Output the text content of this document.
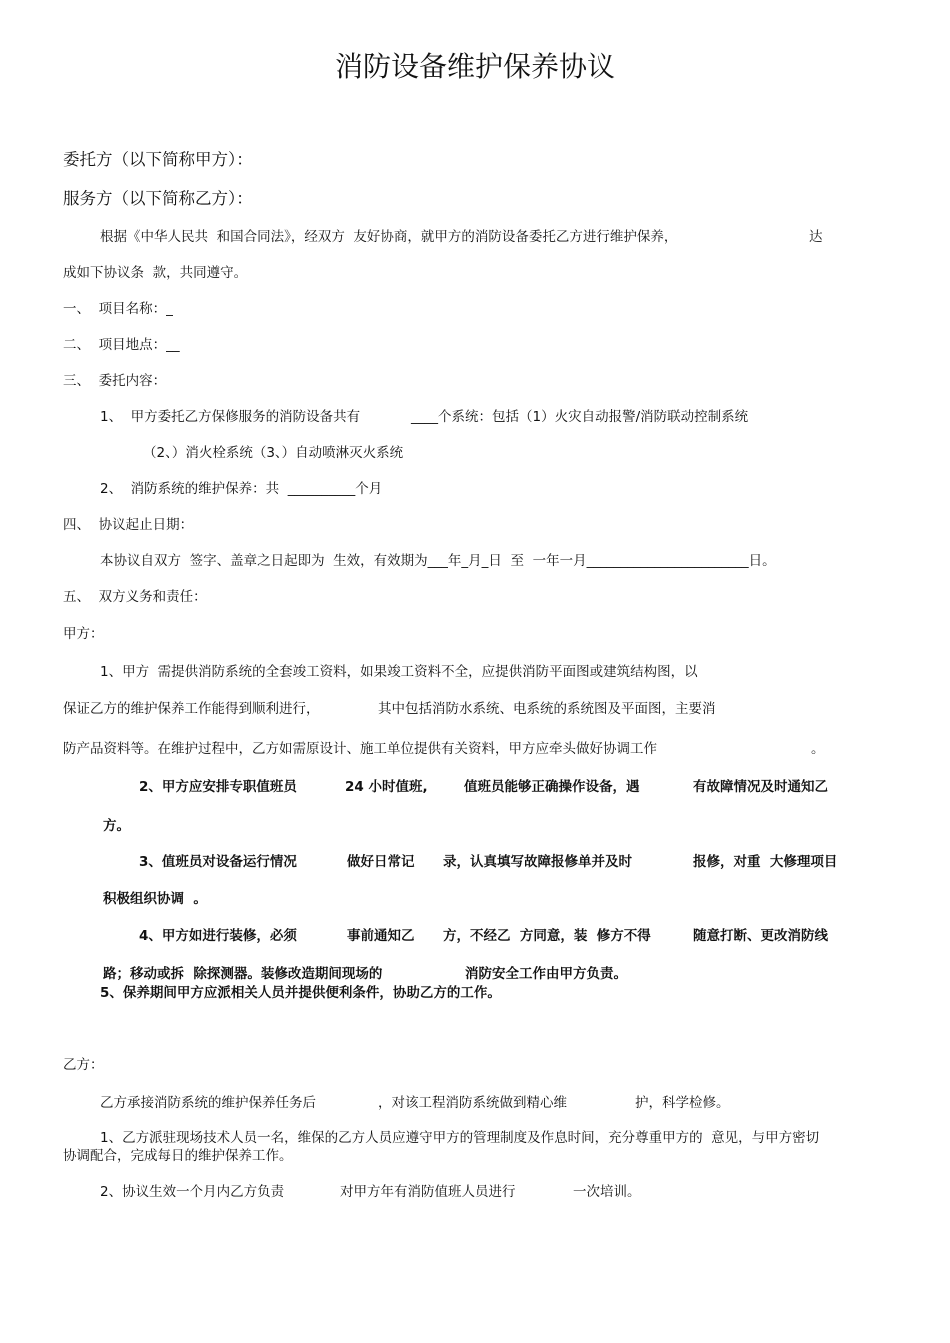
消防设备维护保养协议
委托方（以下简称甲方）：
服务方（以下简称乙方）：
根据《中华人民共  和国合同法》，经双方  友好协商，就甲方的消防设备委托乙方进行维护保养，	达
成如下协议条  款，共同遵守。
一、  项目名称：_
二、  项目地点：__
三、  委托内容：
1、  甲方委托乙方保修服务的消防设备共有	____个系统：包括（1）火灾自动报警/消防联动控制系统
（2、）消火栓系统（3、）自动喷淋灭火系统
2、  消防系统的维护保养：共  __________个月
四、  协议起止日期：
本协议自双方  签字、盖章之日起即为  生效，有效期为___年_月_日  至  一年一月________________________日。
五、  双方义务和责任：
甲方：
1、甲方  需提供消防系统的全套竣工资料，如果竣工资料不全，应提供消防平面图或建筑结构图，以
保证乙方的维护保养工作能得到顺利进行，	其中包括消防水系统、电系统的系统图及平面图，主要消
防产品资料等。在维护过程中，乙方如需原设计、施工单位提供有关资料，甲方应牵头做好协调工作	。
2、甲方应安排专职值班员	24 小时值班,	值班员能够正确操作设备，遇	有故障情况及时通知乙
方。
3、值班员对设备运行情况	做好日常记 录，认真填写故障报修单并及时	报修，对重  大修理项目
积极组织协调  。
4、甲方如进行装修，必须	事前通知乙 方，不经乙  方同意，装  修方不得	随意打断、更改消防线
路；移动或拆  除探测器。装修改造期间现场的	消防安全工作由甲方负责。
5、保养期间甲方应派相关人员并提供便利条件，协助乙方的工作。
乙方：
乙方承接消防系统的维护保养任务后	，对该工程消防系统做到精心维	护，科学检修。
1、乙方派驻现场技术人员一名，维保的乙方人员应遵守甲方的管理制度及作息时间，充分尊重甲方的  意见，与甲方密切
协调配合，完成每日的维护保养工作。
2、协议生效一个月内乙方负责	对甲方年有消防值班人员进行	一次培训。
